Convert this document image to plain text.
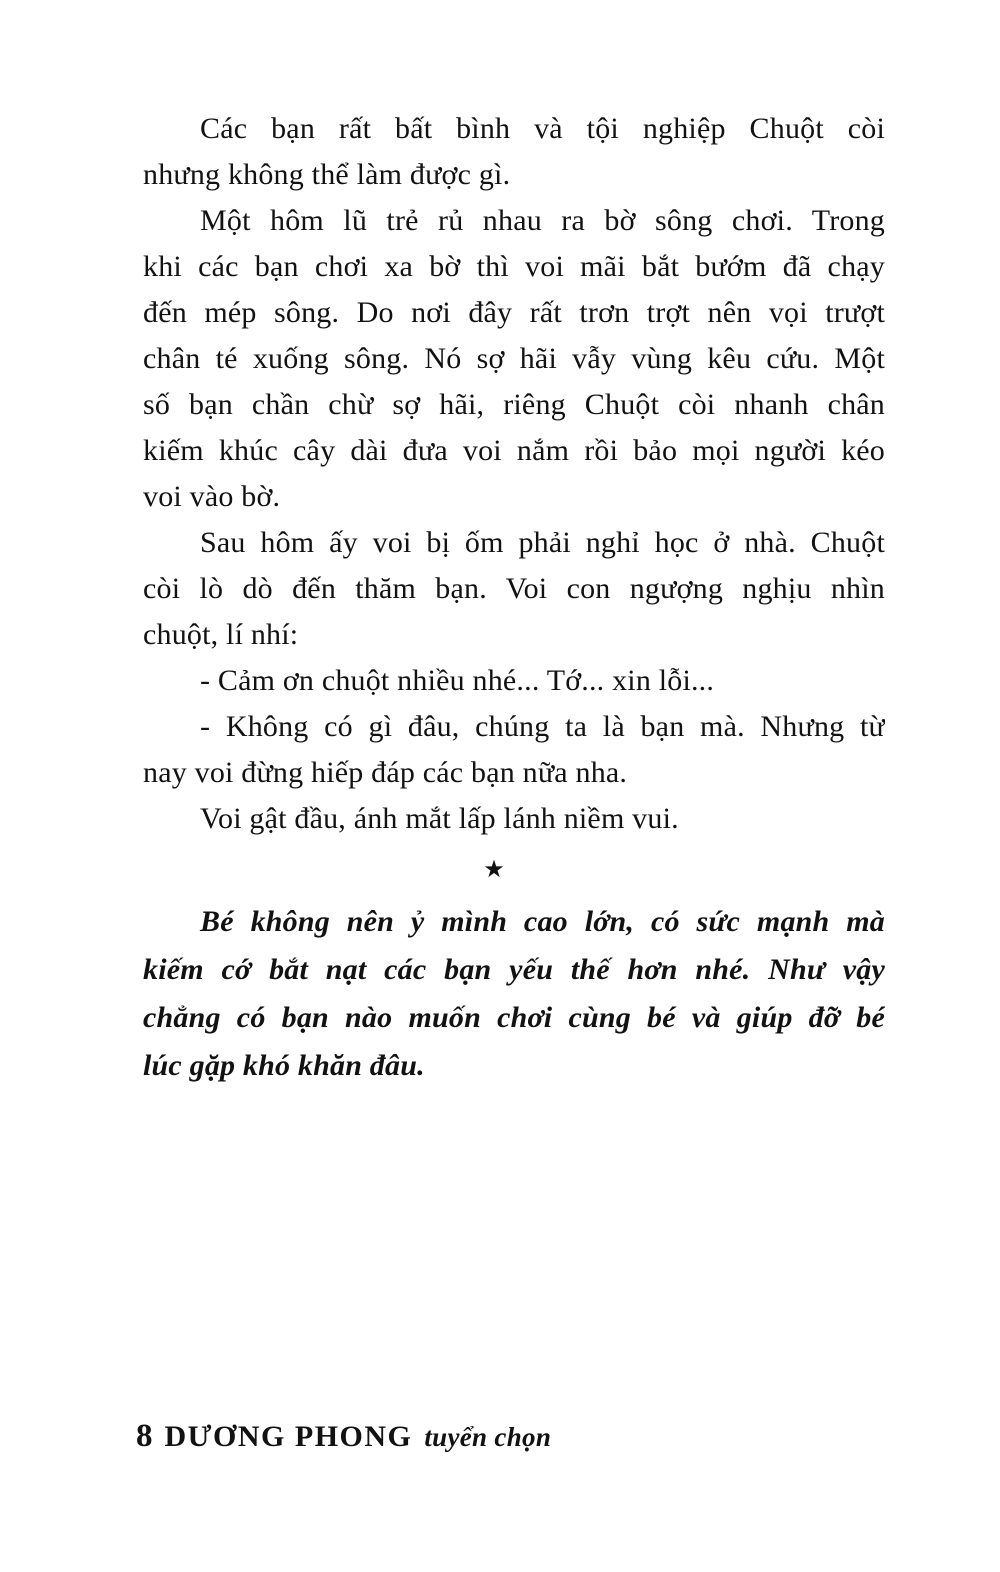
Các bạn rất bất bình và tội nghiệp Chuột còi
nhưng không thể làm được gì.

Một hôm lũ trẻ rủ nhau ra bờ sông chơi. Trong
khi các bạn chơi xa bờ thì voi mãi bắt bướm đã chạy
đến mép sông. Do nơi đây rất trơn trợt nên vọi trượt
chân té xuống sông. Nó sợ hãi vẫy vùng kêu cứu. Một
số bạn chần chừ sợ hãi, riêng Chuột còi nhanh chân
kiếm khúc cây dài đưa voi nắm rồi bảo mọi người kéo
voi vào bờ.

Sau hôm ấy voi bị ốm phải nghỉ học ở nhà. Chuột
còi lò dò đến thăm bạn. Voi con ngượng nghịu nhìn
chuột, lí nhí:

- Cảm ơn chuột nhiều nhé... Tớ... xin lỗi...

- Không có gì đâu, chúng ta là bạn mà. Nhưng từ
nay voi đừng hiếp đáp các bạn nữa nha.

Voi gật đầu, ánh mắt lấp lánh niềm vui.

★

Bé không nên ỷ mình cao lớn, có sức mạnh mà
kiếm cớ bắt nạt các bạn yếu thế hơn nhé. Như vậy
chẳng có bạn nào muốn chơi cùng bé và giúp đỡ bé
lúc gặp khó khăn đâu.

8 DƯƠNG PHONG tuyển chọn
